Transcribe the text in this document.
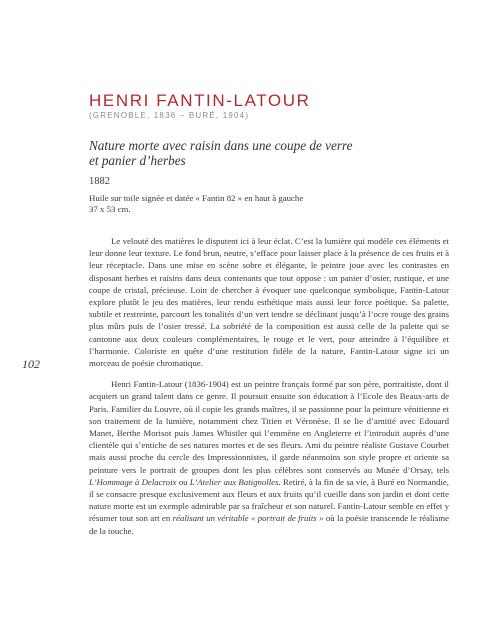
102
HENRI FANTIN-LATOUR
(GRENOBLE, 1836 – BURÉ, 1904)
Nature morte avec raisin dans une coupe de verre
et panier d’herbes
1882
Huile sur toile signée et datée « Fantin 82 » en haut à gauche
37 x 53 cm.

Le velouté des matières le disputent ici à leur éclat. C’est la lumière qui modèle ces éléments et leur donne leur texture. Le fond brun, neutre, s’efface pour laisser place à la présence de ces fruits et à leur réceptacle. Dans une mise en scène sobre et élégante, le peintre joue avec les contrastes en disposant herbes et raisins dans deux contenants que tout oppose : un panier d’osier, rustique, et une coupe de cristal, précieuse. Loin de chercher à évoquer une quelconque symbolique, Fantin-Latour explore plutôt le jeu des matières, leur rendu esthétique mais aussi leur force poétique. Sa palette, subtile et restreinte, parcourt les tonalités d’un vert tendre se déclinant jusqu’à l’ocre rouge des grains plus mûrs puis de l’osier tressé. La sobriété de la composition est aussi celle de la palette qui se cantonne aux deux couleurs complémentaires, le rouge et le vert, pour atteindre à l’équilibre et l’harmonie. Coloriste en quête d’une restitution fidèle de la nature, Fantin-Latour signe ici un morceau de poésie chromatique.

Henri Fantin-Latour (1836-1904) est un peintre français formé par son père, portraitiste, dont il acquiert un grand talent dans ce genre. Il poursuit ensuite son éducation à l’Ecole des Beaux-arts de Paris. Familier du Louvre, où il copie les grands maîtres, il se passionne pour la peinture vénitienne et son traitement de la lumière, notamment chez Titien et Véronèse. Il se lie d’amitié avec Edouard Manet, Berthe Morisot puis James Whistler qui l’emmène en Angleterre et l’introduit auprès d’une clientèle qui s’entiche de ses natures mortes et de ses fleurs. Ami du peintre réaliste Gustave Courbet mais aussi proche du cercle des Impressionnistes, il garde néanmoins son style propre et oriente sa peinture vers le portrait de groupes dont les plus célèbres sont conservés au Musée d’Orsay, tels L’Hommage à Delacroix ou L’Atelier aux Batignolles. Retiré, à la fin de sa vie, à Buré en Normandie, il se consacre presque exclusivement aux fleurs et aux fruits qu’il cueille dans son jardin et dont cette nature morte est un exemple admirable par sa fraîcheur et son naturel. Fantin-Latour semble en effet y résumer tout son art en réalisant un véritable « portrait de fruits » où la poésie transcende le réalisme de la touche.
